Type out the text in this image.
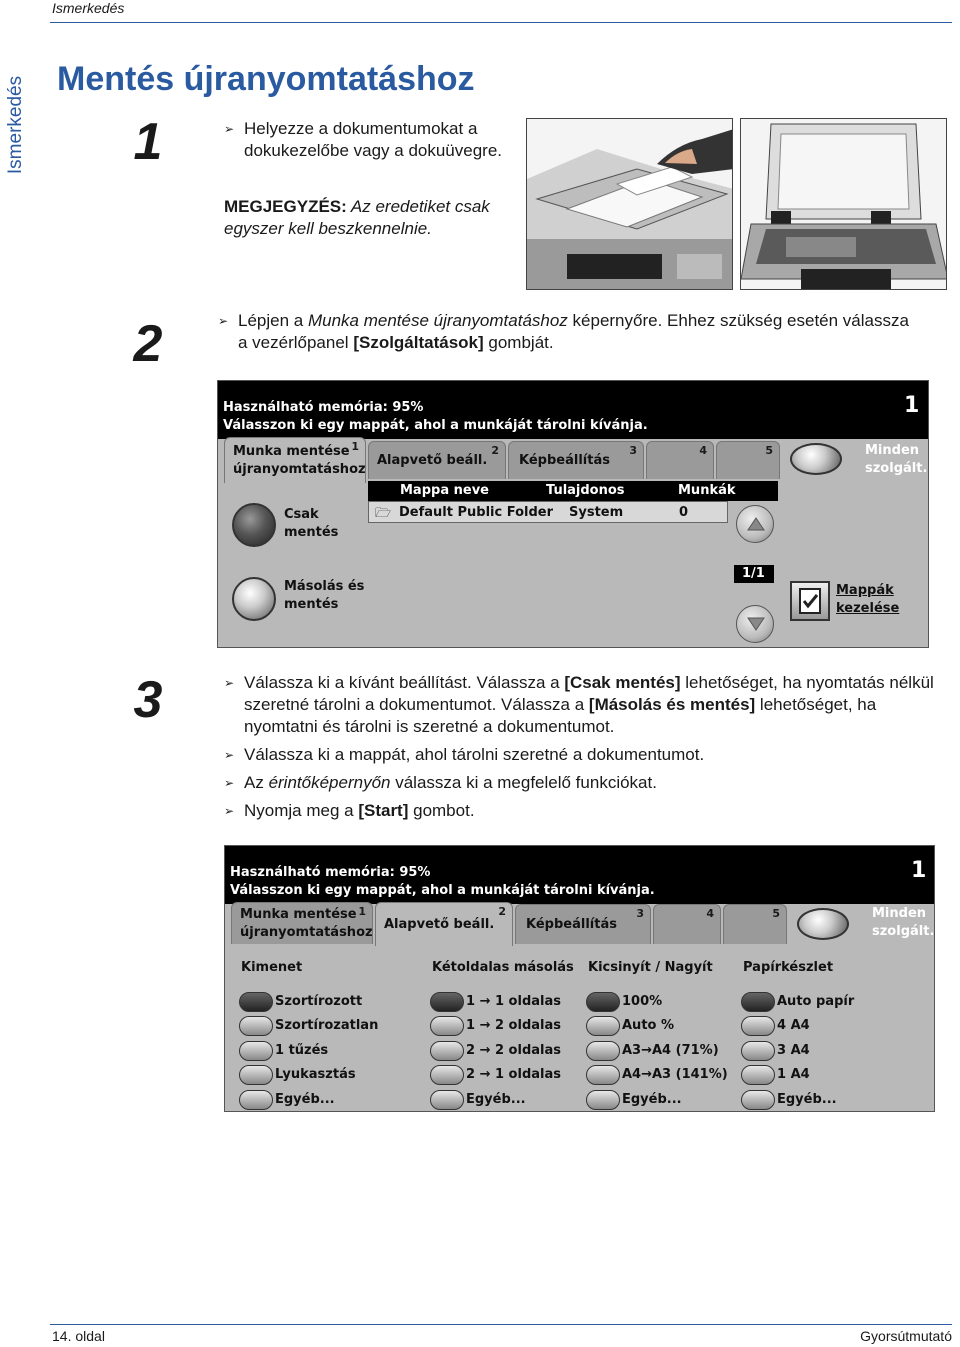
Ismerkedés
Ismerkedés Mentés újranyomtatáshoz
1	➢ Helyezze a dokumentumokat a dokukezelőbe vagy a dokuüvegre.
MEGJEGYZÉS: Az eredetiket csak egyszer kell beszkennelnie.
2	➢ Lépjen a Munka mentése újranyomtatáshoz képernyőre. Ehhez szükség esetén válassza a vezérlőpanel [Szolgáltatások] gombját.
Használható memória: 95%
Válasszon ki egy mappát, ahol a munkáját tárolni kívánja.
1
Munka mentése
újranyomtatáshoz
1
Alapvető beáll.
2
Képbeállítás
3	4	5	Minden
szolgált.
Csak
mentés
Másolás és
mentés
Mappa neve	Tulajdonos	Munkák
🗁 Default Public Folder System	0
1/1
Mappák
kezelése
3	➢ Válassza ki a kívánt beállítást. Válassza a [Csak mentés] lehetőséget, ha nyomtatás nélkül szeretné tárolni a dokumentumot. Válassza a [Másolás és mentés] lehetőséget, ha nyomtatni és tárolni is szeretné a dokumentumot.
➢ Válassza ki a mappát, ahol tárolni szeretné a dokumentumot.
➢ Az érintőképernyőn válassza ki a megfelelő funkciókat.
➢ Nyomja meg a [Start] gombot.
Használható memória: 95%
Válasszon ki egy mappát, ahol a munkáját tárolni kívánja.
1
Munka mentése
újranyomtatáshoz
1
Alapvető beáll.
2
Képbeállítás
3	4	5	Minden
szolgált.
Kimenet
Szortírozott
Szortírozatlan
1 tűzés
Lyukasztás
Egyéb...
Kétoldalas másolás
1 → 1 oldalas
1 → 2 oldalas
2 → 2 oldalas
2 → 1 oldalas
Egyéb...
Kicsinyít / Nagyít
100%
Auto %
A3→A4 (71%)
A4→A3 (141%)
Egyéb...
Papírkészlet
Auto papír
4 A4
3 A4
1 A4
Egyéb...
14. oldal	Gyorsútmutató
